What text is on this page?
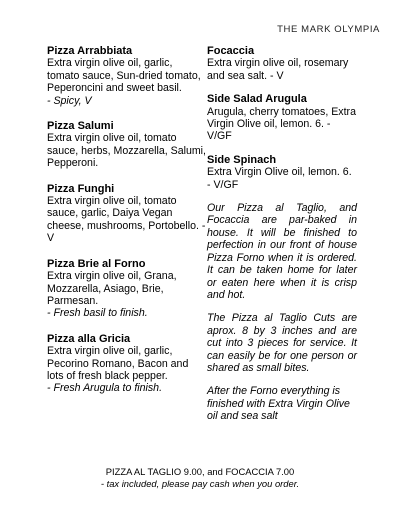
THE MARK OLYMPIA
Pizza Arrabbiata
Extra virgin olive oil, garlic, tomato sauce, Sun-dried tomato, Peperoncini and sweet basil.
- Spicy, V
Pizza Salumi
Extra virgin olive oil, tomato sauce, herbs, Mozzarella, Salumi, Pepperoni.
Pizza Funghi
Extra virgin olive oil, tomato sauce, garlic, Daiya Vegan cheese, mushrooms, Portobello. - V
Pizza Brie al Forno
Extra virgin olive oil, Grana, Mozzarella, Asiago, Brie, Parmesan.
- Fresh basil to finish.
Pizza alla Gricia
Extra virgin olive oil, garlic, Pecorino Romano, Bacon and lots of fresh black pepper.
- Fresh Arugula to finish.
Focaccia
Extra virgin olive oil, rosemary and sea salt. - V
Side Salad Arugula
Arugula, cherry tomatoes, Extra Virgin Olive oil, lemon. 6. - V/GF
Side Spinach
Extra Virgin Olive oil, lemon. 6. - V/GF
Our Pizza al Taglio, and Focaccia are par-baked in house. It will be finished to perfection in our front of house Pizza Forno when it is ordered. It can be taken home for later or eaten here when it is crisp and hot.
The Pizza al Taglio Cuts are aprox. 8 by 3 inches and are cut into 3 pieces for service. It can easily be for one person or shared as small bites.
After the Forno everything is finished with Extra Virgin Olive oil and sea salt
PIZZA AL TAGLIO 9.00, and FOCACCIA 7.00
- tax included, please pay cash when you order.
